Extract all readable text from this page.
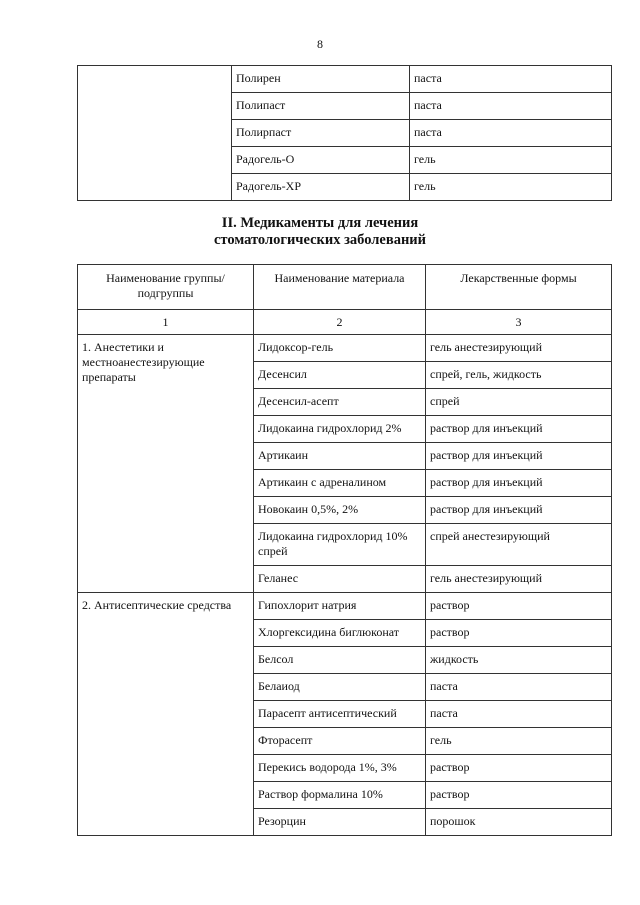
8
	Полирен	паста
	Полипаст	паста
	Полирпаст	паста
	Радогель-О	гель
	Радогель-ХР	гель
II. Медикаменты для лечения
стоматологических заболеваний
Наименование группы/подгруппы	Наименование материала	Лекарственные формы
1	2	3
1. Анестетики и местноанестезирующие препараты	Лидоксор-гель	гель анестезирующий
	Десенсил	спрей, гель, жидкость
	Десенсил-асепт	спрей
	Лидокаина гидрохлорид 2%	раствор для инъекций
	Артикаин	раствор для инъекций
	Артикаин с адреналином	раствор для инъекций
	Новокаин 0,5%, 2%	раствор для инъекций
	Лидокаина гидрохлорид 10% спрей	спрей анестезирующий
	Геланес	гель анестезирующий
2. Антисептические средства	Гипохлорит натрия	раствор
	Хлоргексидина биглюконат	раствор
	Белсол	жидкость
	Белаиод	паста
	Парасепт антисептический	паста
	Фторасепт	гель
	Перекись водорода 1%, 3%	раствор
	Раствор формалина 10%	раствор
	Резорцин	порошок
